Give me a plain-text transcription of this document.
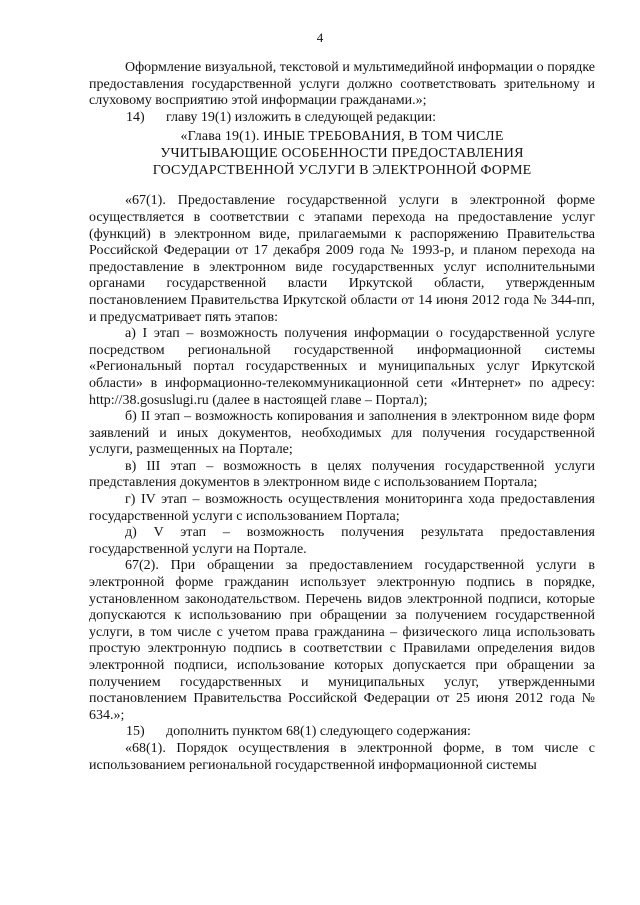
4

Оформление визуальной, текстовой и мультимедийной информации о порядке предоставления государственной услуги должно соответствовать зрительному и слуховому восприятию этой информации гражданами.»;

14)	главу 19(1) изложить в следующей редакции:
«Глава 19(1). ИНЫЕ ТРЕБОВАНИЯ, В ТОМ ЧИСЛЕ
УЧИТЫВАЮЩИЕ ОСОБЕННОСТИ ПРЕДОСТАВЛЕНИЯ
ГОСУДАРСТВЕННОЙ УСЛУГИ В ЭЛЕКТРОННОЙ ФОРМЕ

«67(1). Предоставление государственной услуги в электронной форме осуществляется в соответствии с этапами перехода на предоставление услуг (функций) в электронном виде, прилагаемыми к распоряжению Правительства Российской Федерации от 17 декабря 2009 года № 1993-р, и планом перехода на предоставление в электронном виде государственных услуг исполнительными органами государственной власти Иркутской области, утвержденным постановлением Правительства Иркутской области от 14 июня 2012 года № 344-пп, и предусматривает пять этапов:

а) I этап – возможность получения информации о государственной услуге посредством региональной государственной информационной системы «Региональный портал государственных и муниципальных услуг Иркутской области» в информационно-телекоммуникационной сети «Интернет» по адресу: http://38.gosuslugi.ru (далее в настоящей главе – Портал);

б) II этап – возможность копирования и заполнения в электронном виде форм заявлений и иных документов, необходимых для получения государственной услуги, размещенных на Портале;

в) III этап – возможность в целях получения государственной услуги представления документов в электронном виде с использованием Портала;

г) IV этап – возможность осуществления мониторинга хода предоставления государственной услуги с использованием Портала;

д) V этап – возможность получения результата предоставления государственной услуги на Портале.

67(2). При обращении за предоставлением государственной услуги в электронной форме гражданин использует электронную подпись в порядке, установленном законодательством. Перечень видов электронной подписи, которые допускаются к использованию при обращении за получением государственной услуги, в том числе с учетом права гражданина – физического лица использовать простую электронную подпись в соответствии с Правилами определения видов электронной подписи, использование которых допускается при обращении за получением государственных и муниципальных услуг, утвержденными постановлением Правительства Российской Федерации от 25 июня 2012 года № 634.»;

15)	дополнить пунктом 68(1) следующего содержания:

«68(1). Порядок осуществления в электронной форме, в том числе с использованием региональной государственной информационной системы
